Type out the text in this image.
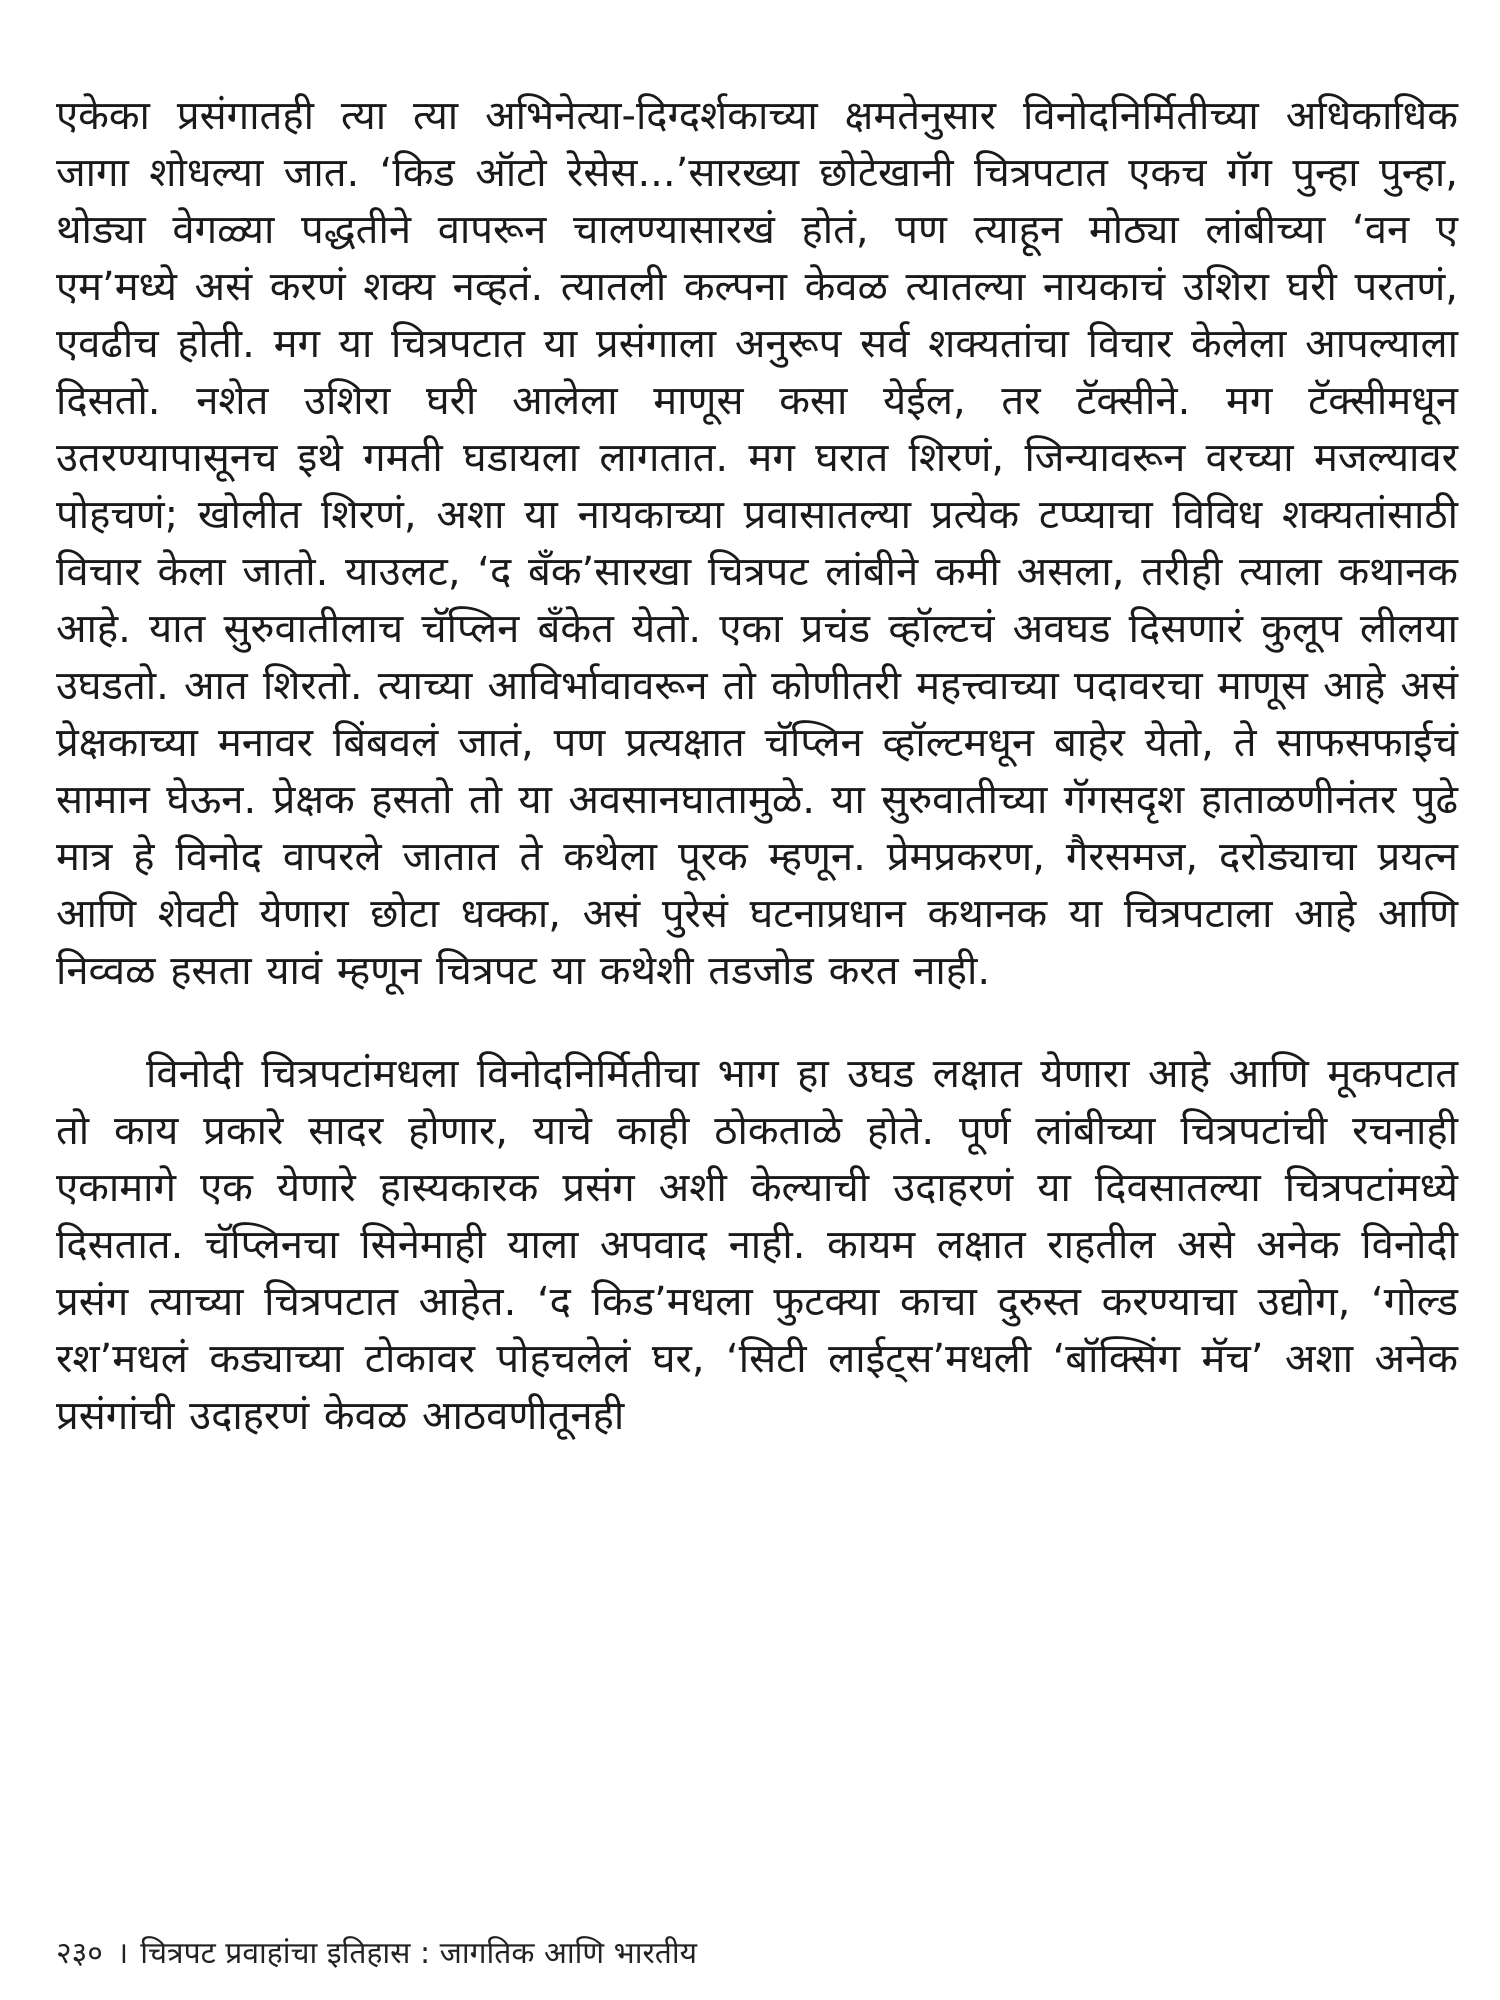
एकेका प्रसंगातही त्या त्या अभिनेत्या-दिग्दर्शकाच्या क्षमतेनुसार विनोदनिर्मितीच्या अधिकाधिक जागा शोधल्या जात. ‘किड ऑटो रेसेस...’सारख्या छोटेखानी चित्रपटात एकच गॅग पुन्हा पुन्हा, थोड्या वेगळ्या पद्धतीने वापरून चालण्यासारखं होतं, पण त्याहून मोठ्या लांबीच्या ‘वन ए एम’मध्ये असं करणं शक्य नव्हतं. त्यातली कल्पना केवळ त्यातल्या नायकाचं उशिरा घरी परतणं, एवढीच होती. मग या चित्रपटात या प्रसंगाला अनुरूप सर्व शक्यतांचा विचार केलेला आपल्याला दिसतो. नशेत उशिरा घरी आलेला माणूस कसा येईल, तर टॅक्सीने. मग टॅक्सीमधून उतरण्यापासूनच इथे गमती घडायला लागतात. मग घरात शिरणं, जिन्यावरून वरच्या मजल्यावर पोहचणं; खोलीत शिरणं, अशा या नायकाच्या प्रवासातल्या प्रत्येक टप्प्याचा विविध शक्यतांसाठी विचार केला जातो. याउलट, ‘द बँक’सारखा चित्रपट लांबीने कमी असला, तरीही त्याला कथानक आहे. यात सुरुवातीलाच चॅप्लिन बँकेत येतो. एका प्रचंड व्हॉल्टचं अवघड दिसणारं कुलूप लीलया उघडतो. आत शिरतो. त्याच्या आविर्भावावरून तो कोणीतरी महत्त्वाच्या पदावरचा माणूस आहे असं प्रेक्षकाच्या मनावर बिंबवलं जातं, पण प्रत्यक्षात चॅप्लिन व्हॉल्टमधून बाहेर येतो, ते साफसफाईचं सामान घेऊन. प्रेक्षक हसतो तो या अवसानघातामुळे. या सुरुवातीच्या गॅगसदृश हाताळणीनंतर पुढे मात्र हे विनोद वापरले जातात ते कथेला पूरक म्हणून. प्रेमप्रकरण, गैरसमज, दरोड्याचा प्रयत्न आणि शेवटी येणारा छोटा धक्का, असं पुरेसं घटनाप्रधान कथानक या चित्रपटाला आहे आणि निव्वळ हसता यावं म्हणून चित्रपट या कथेशी तडजोड करत नाही.

विनोदी चित्रपटांमधला विनोदनिर्मितीचा भाग हा उघड लक्षात येणारा आहे आणि मूकपटात तो काय प्रकारे सादर होणार, याचे काही ठोकताळे होते. पूर्ण लांबीच्या चित्रपटांची रचनाही एकामागे एक येणारे हास्यकारक प्रसंग अशी केल्याची उदाहरणं या दिवसातल्या चित्रपटांमध्ये दिसतात. चॅप्लिनचा सिनेमाही याला अपवाद नाही. कायम लक्षात राहतील असे अनेक विनोदी प्रसंग त्याच्या चित्रपटात आहेत. ‘द किड’मधला फुटक्या काचा दुरुस्त करण्याचा उद्योग, ‘गोल्ड रश’मधलं कड्याच्या टोकावर पोहचलेलं घर, ‘सिटी लाईट्स’मधली ‘बॉक्सिंग मॅच’ अशा अनेक प्रसंगांची उदाहरणं केवळ आठवणीतूनही

२३० । चित्रपट प्रवाहांचा इतिहास : जागतिक आणि भारतीय
